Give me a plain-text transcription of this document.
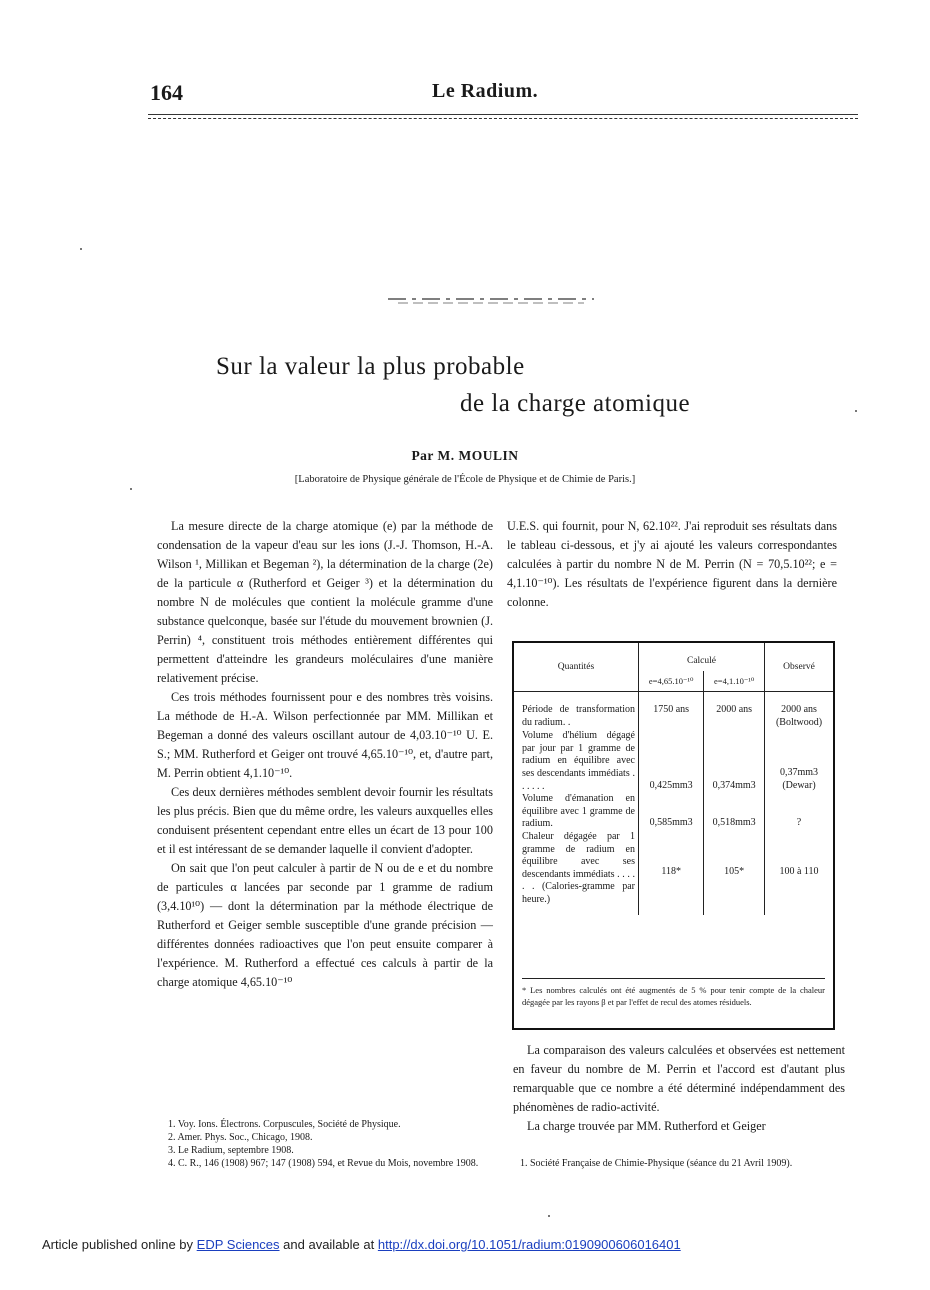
164	Le Radium.
Sur la valeur la plus probable
de la charge atomique
Par M. MOULIN
[Laboratoire de Physique générale de l'École de Physique et de Chimie de Paris.]

La mesure directe de la charge atomique (e) par la méthode de condensation de la vapeur d'eau sur les ions (J.-J. Thomson, H.-A. Wilson ¹, Millikan et Begeman ²), la détermination de la charge (2e) de la particule α (Rutherford et Geiger ³) et la détermination du nombre N de molécules que contient la molécule gramme d'une substance quelconque, basée sur l'étude du mouvement brownien (J. Perrin) ⁴, constituent trois méthodes entièrement différentes qui permettent d'atteindre les grandeurs moléculaires d'une manière relativement précise.

Ces trois méthodes fournissent pour e des nombres très voisins. La méthode de H.-A. Wilson perfectionnée par MM. Millikan et Begeman a donné des valeurs oscillant autour de 4,03.10⁻¹⁰ U. E. S.; MM. Rutherford et Geiger ont trouvé 4,65.10⁻¹⁰, et, d'autre part, M. Perrin obtient 4,1.10⁻¹⁰.

Ces deux dernières méthodes semblent devoir fournir les résultats les plus précis. Bien que du même ordre, les valeurs auxquelles elles conduisent présentent cependant entre elles un écart de 13 pour 100 et il est intéressant de se demander laquelle il convient d'adopter.

On sait que l'on peut calculer à partir de N ou de e et du nombre de particules α lancées par seconde par 1 gramme de radium (3,4.10¹⁰) — dont la détermination par la méthode électrique de Rutherford et Geiger semble susceptible d'une grande précision — différentes données radioactives que l'on peut ensuite comparer à l'expérience. M. Rutherford a effectué ces calculs à partir de la charge atomique 4,65.10⁻¹⁰

1. Voy. Ions. Électrons. Corpuscules, Société de Physique.
2. Amer. Phys. Soc., Chicago, 1908.
3. Le Radium, septembre 1908.
4. C. R., 146 (1908) 967; 147 (1908) 594, et Revue du Mois, novembre 1908.

U.E.S. qui fournit, pour N, 62.10²². J'ai reproduit ses résultats dans le tableau ci-dessous, et j'y ai ajouté les valeurs correspondantes calculées à partir du nombre N de M. Perrin (N = 70,5.10²²; e = 4,1.10⁻¹⁰). Les résultats de l'expérience figurent dans la dernière colonne.

Quantités	Calculé		Observé
	e=4,65.10⁻¹⁰	e=4,1.10⁻¹⁰	
Période de transformation du radium. .	1750 ans	2000 ans	2000 ans (Boltwood)
Volume d'hélium dégagé par jour par 1 gramme de radium en équilibre avec ses descendants immédiats . . . . . .	0,425mm3	0,374mm3	0,37mm3 (Dewar)
Volume d'émanation en équilibre avec 1 gramme de radium.	0,585mm3	0,518mm3	?
Chaleur dégagée par 1 gramme de radium en équilibre avec ses descendants immédiats . . . . . . (Calories-gramme par heure.)	118*	105*	100 à 110
* Les nombres calculés ont été augmentés de 5 % pour tenir compte de la chaleur dégagée par les rayons β et par l'effet de recul des atomes résiduels.

La comparaison des valeurs calculées et observées est nettement en faveur du nombre de M. Perrin et l'accord est d'autant plus remarquable que ce nombre a été déterminé indépendamment des phénomènes de radio-activité.

La charge trouvée par MM. Rutherford et Geiger

1. Société Française de Chimie-Physique (séance du 21 Avril 1909).
Article published online by EDP Sciences and available at http://dx.doi.org/10.1051/radium:0190900606016401
